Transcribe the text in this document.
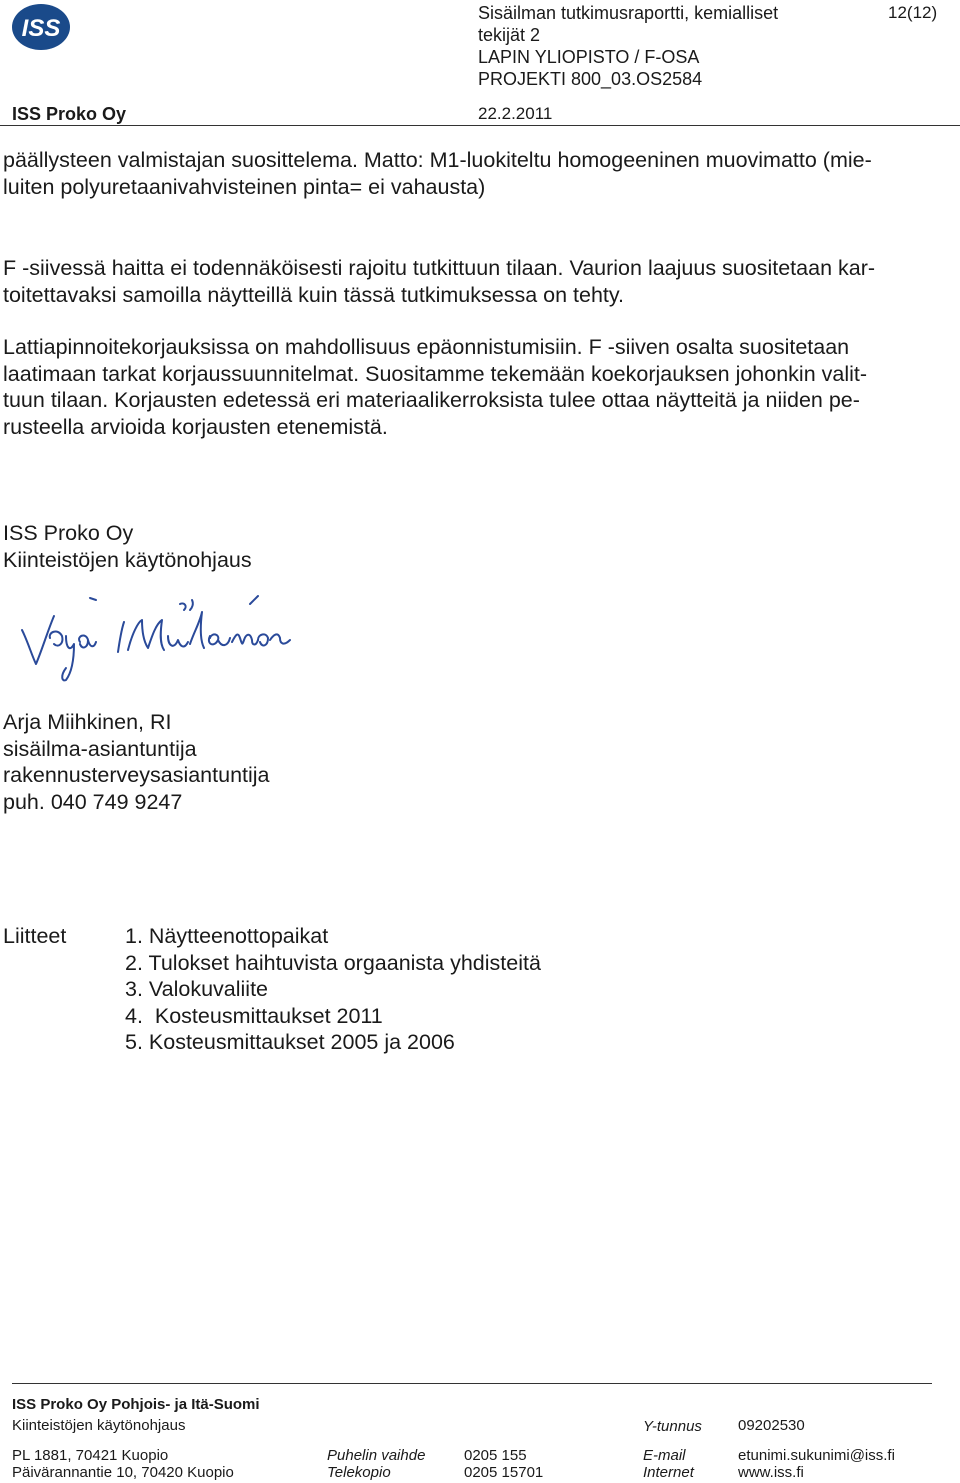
ISS
Sisäilman tutkimusraportti, kemialliset
tekijät 2
LAPIN YLIOPISTO / F-OSA
PROJEKTI 800_03.OS2584
12(12)
ISS Proko Oy	22.2.2011
päällysteen valmistajan suosittelema. Matto: M1-luokiteltu homogeeninen muovimatto (mie-
luiten polyuretaanivahvisteinen pinta= ei vahausta)
F -siivessä haitta ei todennäköisesti rajoitu tutkittuun tilaan. Vaurion laajuus suositetaan kar-
toitettavaksi samoilla näytteillä kuin tässä tutkimuksessa on tehty.
Lattiapinnoitekorjauksissa on mahdollisuus epäonnistumisiin. F -siiven osalta suositetaan
laatimaan tarkat korjaussuunnitelmat. Suositamme tekemään koekorjauksen johonkin valit-
tuun tilaan. Korjausten edetessä eri materiaalikerroksista tulee ottaa näytteitä ja niiden pe-
rusteella arvioida korjausten etenemistä.
ISS Proko Oy
Kiinteistöjen käytönohjaus
Arja Miihkinen, RI
sisäilma-asiantuntija
rakennusterveysasiantuntija
puh. 040 749 9247
Liitteet	1. Näytteenottopaikat
2. Tulokset haihtuvista orgaanista yhdisteitä
3. Valokuvaliite
4.  Kosteusmittaukset 2011
5. Kosteusmittaukset 2005 ja 2006
ISS Proko Oy Pohjois- ja Itä-Suomi
Kiinteistöjen käytönohjaus	Y-tunnus 09202530
PL 1881, 70421 Kuopio	Puhelin vaihde	0205 155	E-mail	etunimi.sukunimi@iss.fi
Päivärannantie 10, 70420 Kuopio	Telekopio	0205 15701	Internet	www.iss.fi
